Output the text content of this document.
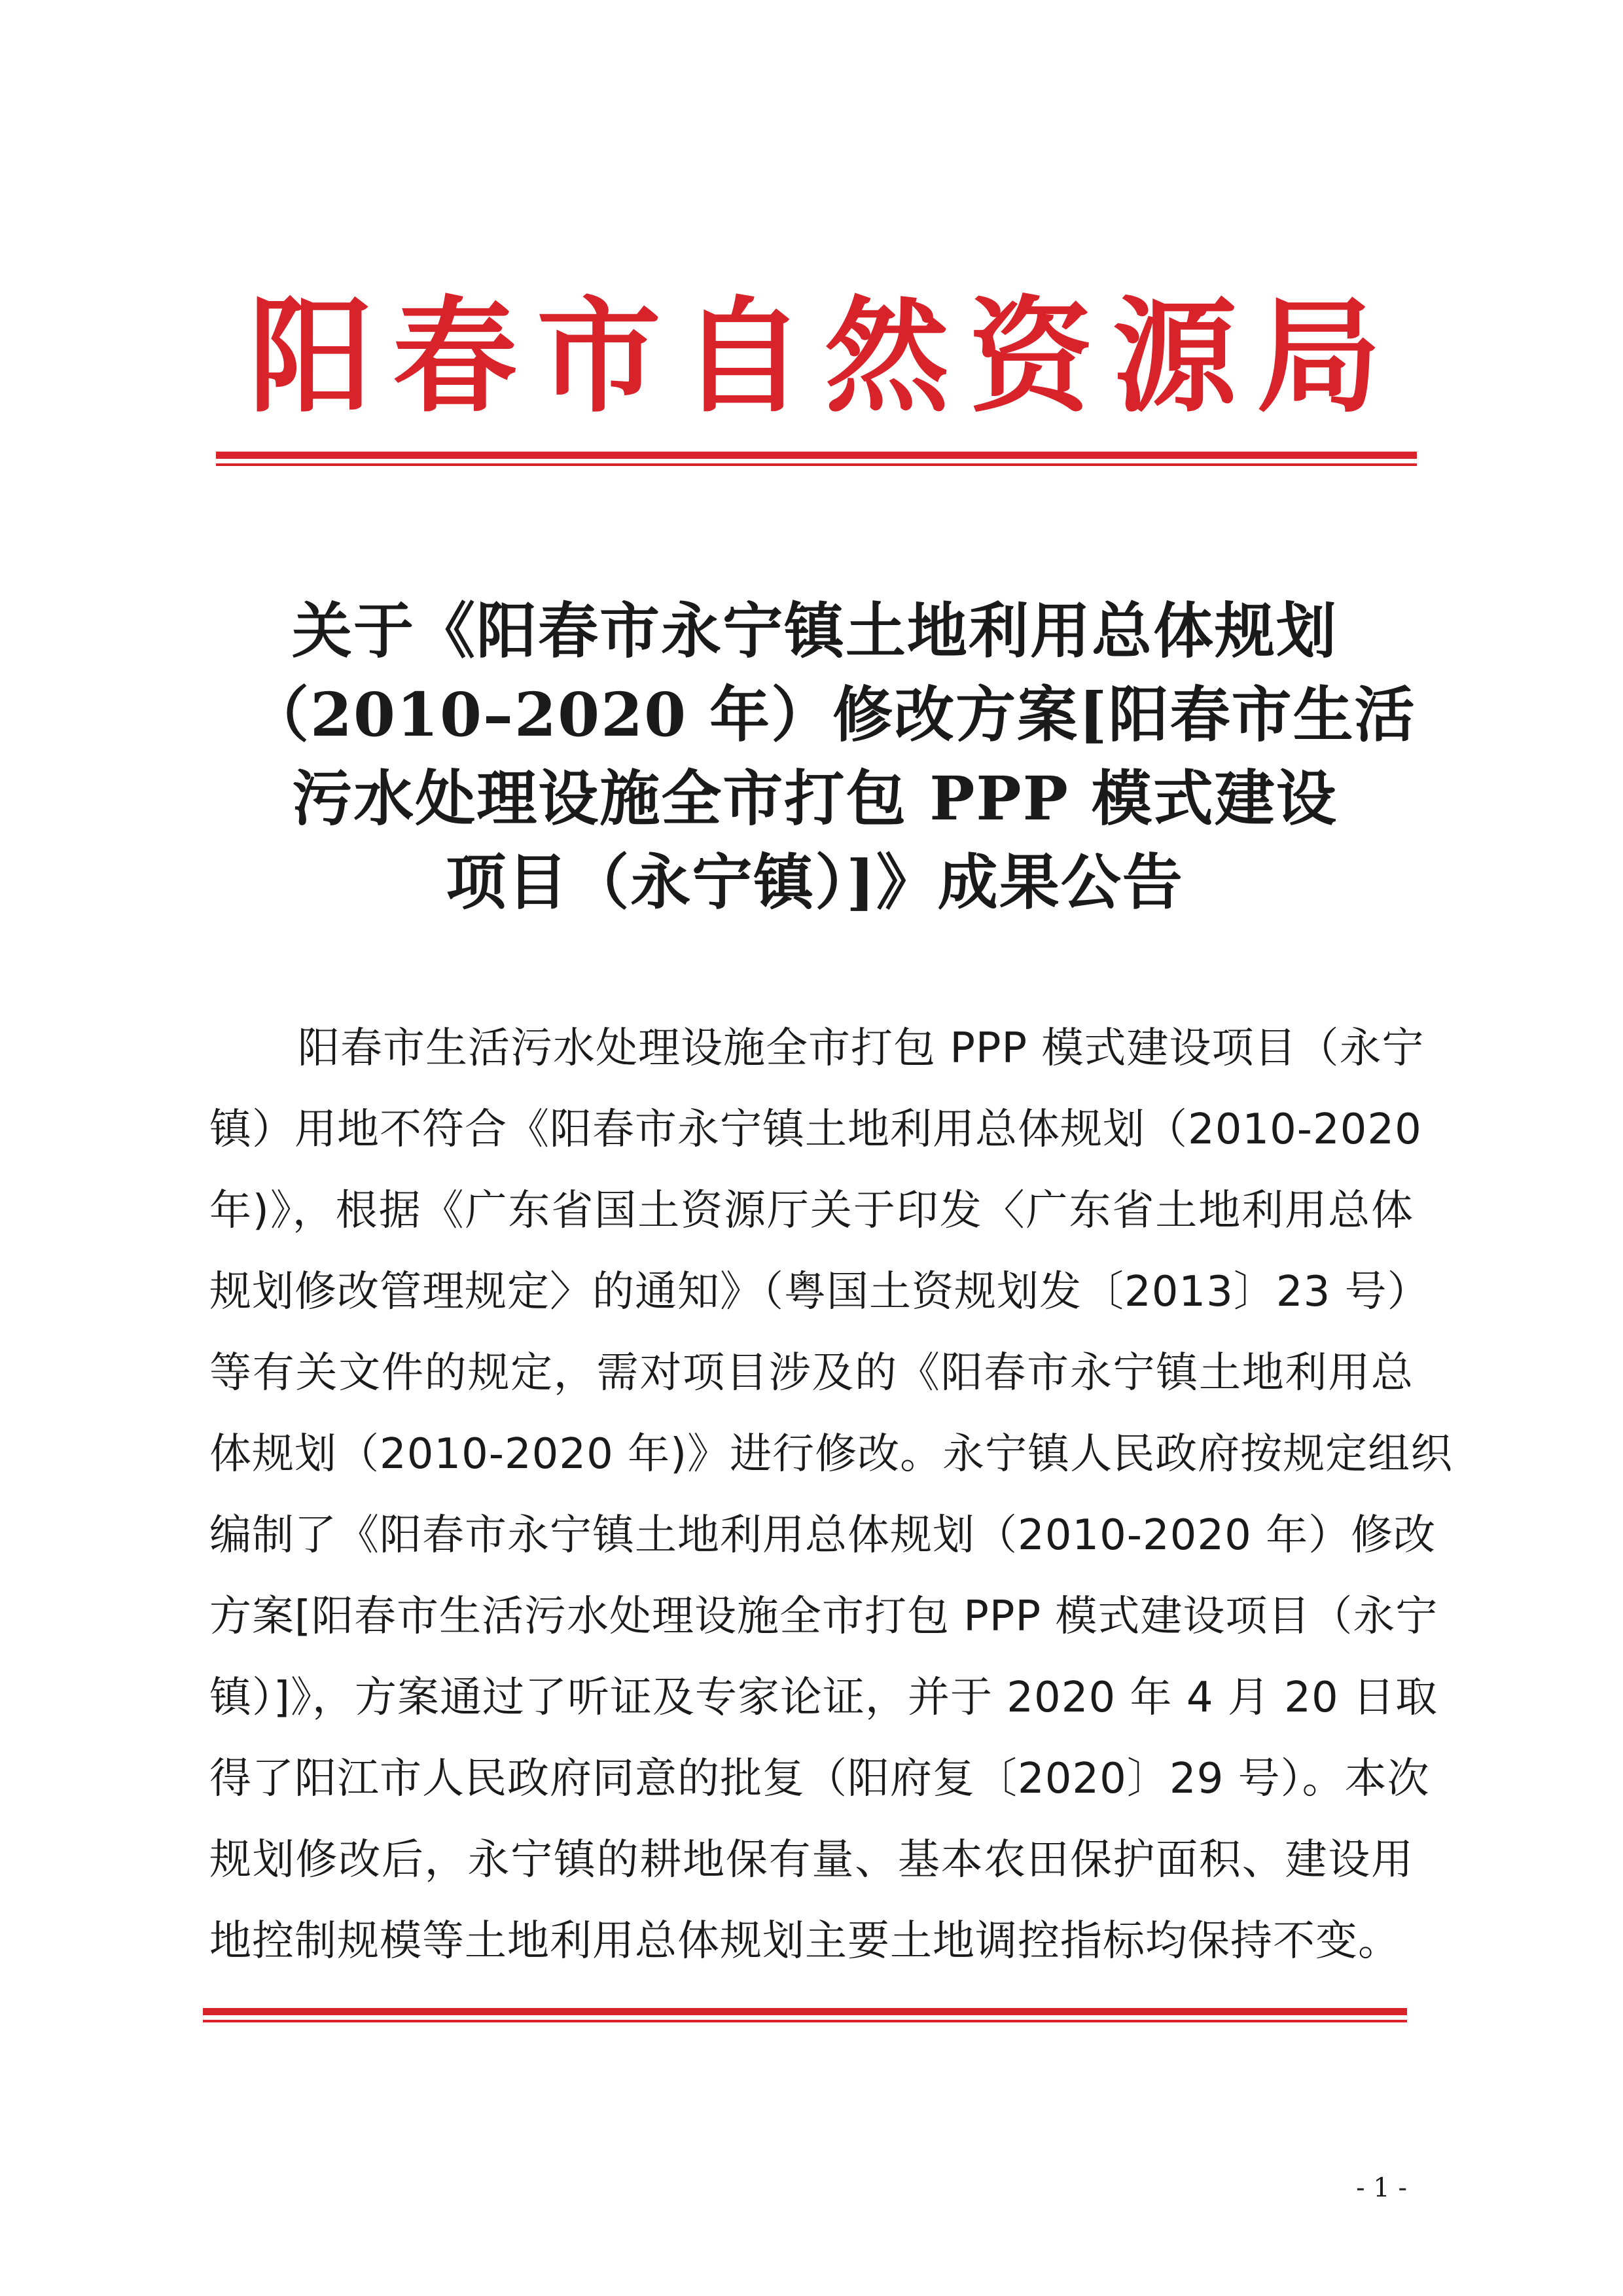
阳 春 市 自 然 资 源 局
关于《阳春市永宁镇土地利用总体规划
（2010–2020 年）修改方案[阳春市生活
污水处理设施全市打包 PPP 模式建设
项目（永宁镇）]》成果公告
阳春市生活污水处理设施全市打包 PPP 模式建设项目（永宁
镇）用地不符合《阳春市永宁镇土地利用总体规划（2010-2020
年)》，根据《广东省国土资源厅关于印发〈广东省土地利用总体
规划修改管理规定〉的通知》（粤国土资规划发〔2013〕23 号）
等有关文件的规定，需对项目涉及的《阳春市永宁镇土地利用总
体规划（2010-2020 年)》进行修改。永宁镇人民政府按规定组织
编制了《阳春市永宁镇土地利用总体规划（2010-2020 年）修改
方案[阳春市生活污水处理设施全市打包 PPP 模式建设项目（永宁
镇）]》，方案通过了听证及专家论证，并于 2020 年 4 月 20 日取
得了阳江市人民政府同意的批复（阳府复〔2020〕29 号）。本次
规划修改后，永宁镇的耕地保有量、基本农田保护面积、建设用
地控制规模等土地利用总体规划主要土地调控指标均保持不变。
- 1 -
